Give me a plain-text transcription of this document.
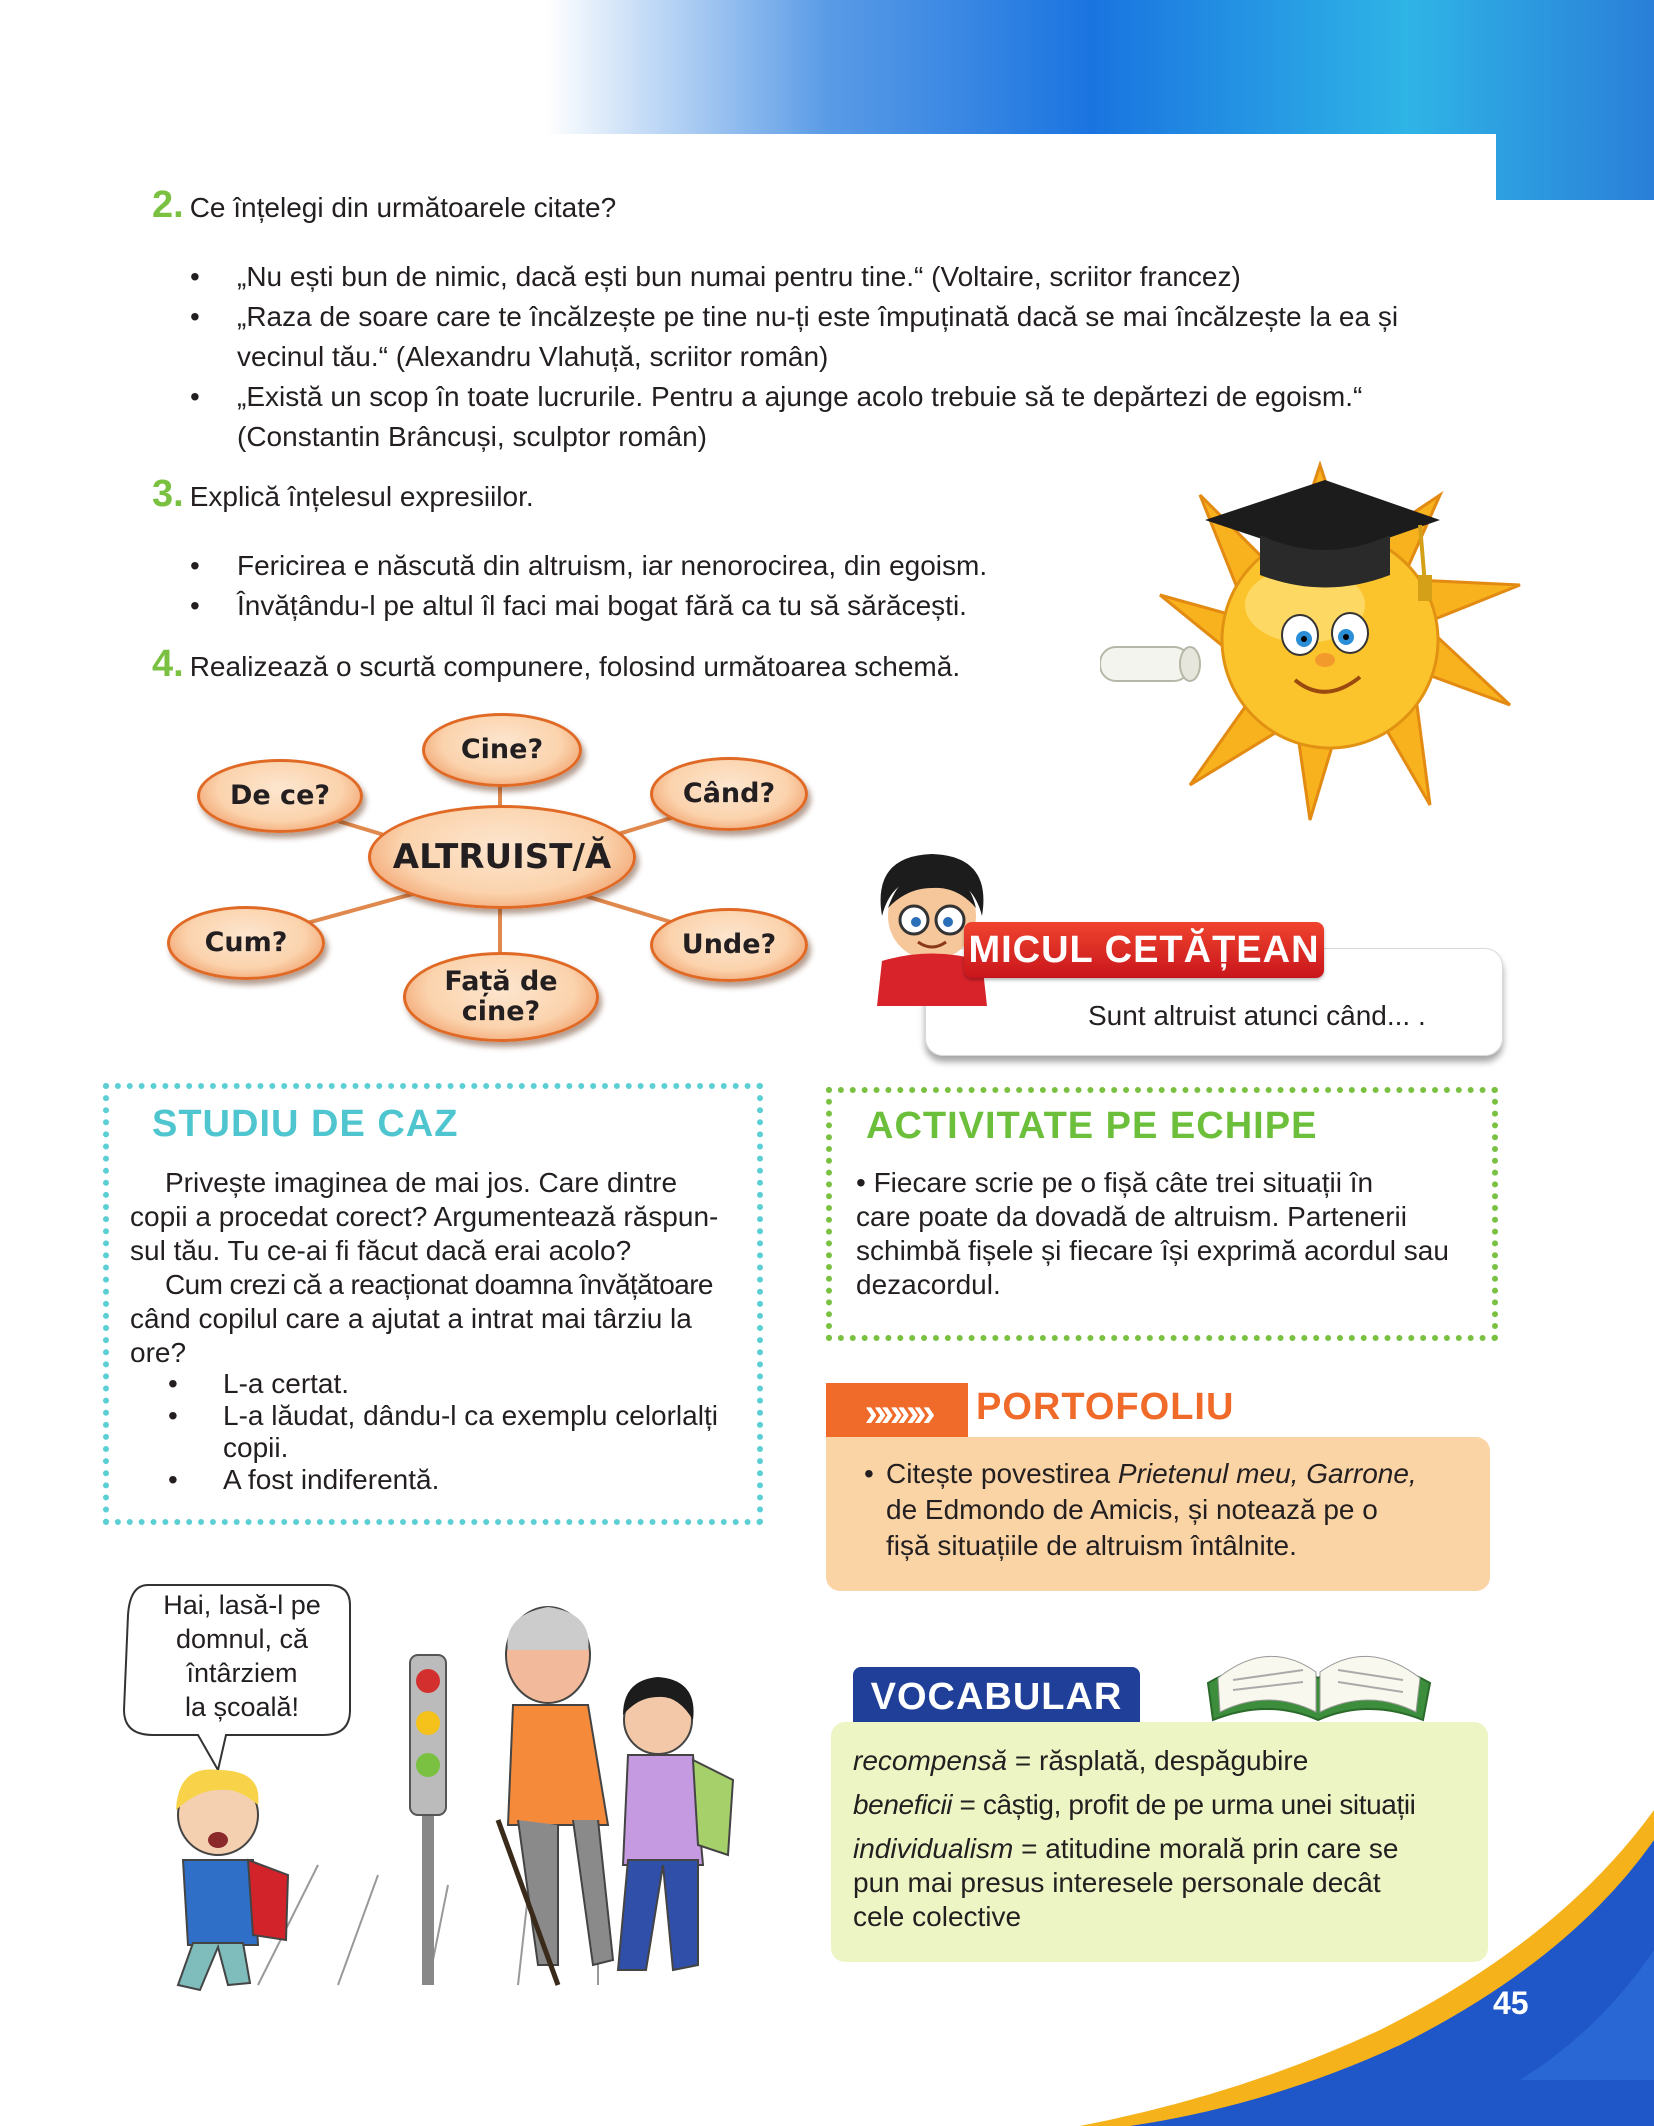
2. Ce înțelegi din următoarele citate?
• „Nu ești bun de nimic, dacă ești bun numai pentru tine.“ (Voltaire, scriitor francez)
• „Raza de soare care te încălzește pe tine nu-ți este împuținată dacă se mai încălzește la ea și
vecinul tău.“ (Alexandru Vlahuță, scriitor român)
• „Există un scop în toate lucrurile. Pentru a ajunge acolo trebuie să te depărtezi de egoism.“
(Constantin Brâncuși, sculptor român)
3. Explică înțelesul expresiilor.
• Fericirea e născută din altruism, iar nenorocirea, din egoism.
• Învățându-l pe altul îl faci mai bogat fără ca tu să sărăcești.
4. Realizează o scurtă compunere, folosind următoarea schemă.
ALTRUIST/Ă
Cine?
De ce?	Când?
Cum?	Unde?
Față de
cine?	Sunt altruist atunci când... .
MICUL CETĂȚEAN
STUDIU DE CAZ
Privește imaginea de mai jos. Care dintre
copii a procedat corect? Argumentează răspun-
sul tău. Tu ce-ai fi făcut dacă erai acolo?
Cum crezi că a reacționat doamna învățătoare
când copilul care a ajutat a intrat mai târziu la
ore?
• L-a certat.
• L-a lăudat, dându-l ca exemplu celorlalți
copii.
• A fost indiferentă.
ACTIVITATE PE ECHIPE
• Fiecare scrie pe o fișă câte trei situații în
care poate da dovadă de altruism. Partenerii
schimbă fișele și fiecare își exprimă acordul sau
dezacordul.
»»»»	PORTOFOLIU
• Citește povestirea Prietenul meu, Garrone,
de Edmondo de Amicis, și notează pe o
fișă situațiile de altruism întâlnite.
Hai, lasă-l pe
domnul, că întârziem
la școală!	VOCABULAR
recompensă = răsplată, despăgubire
beneficii = câștig, profit de pe urma unei situații
individualism = atitudine morală prin care se
pun mai presus interesele personale decât
cele colective
45
